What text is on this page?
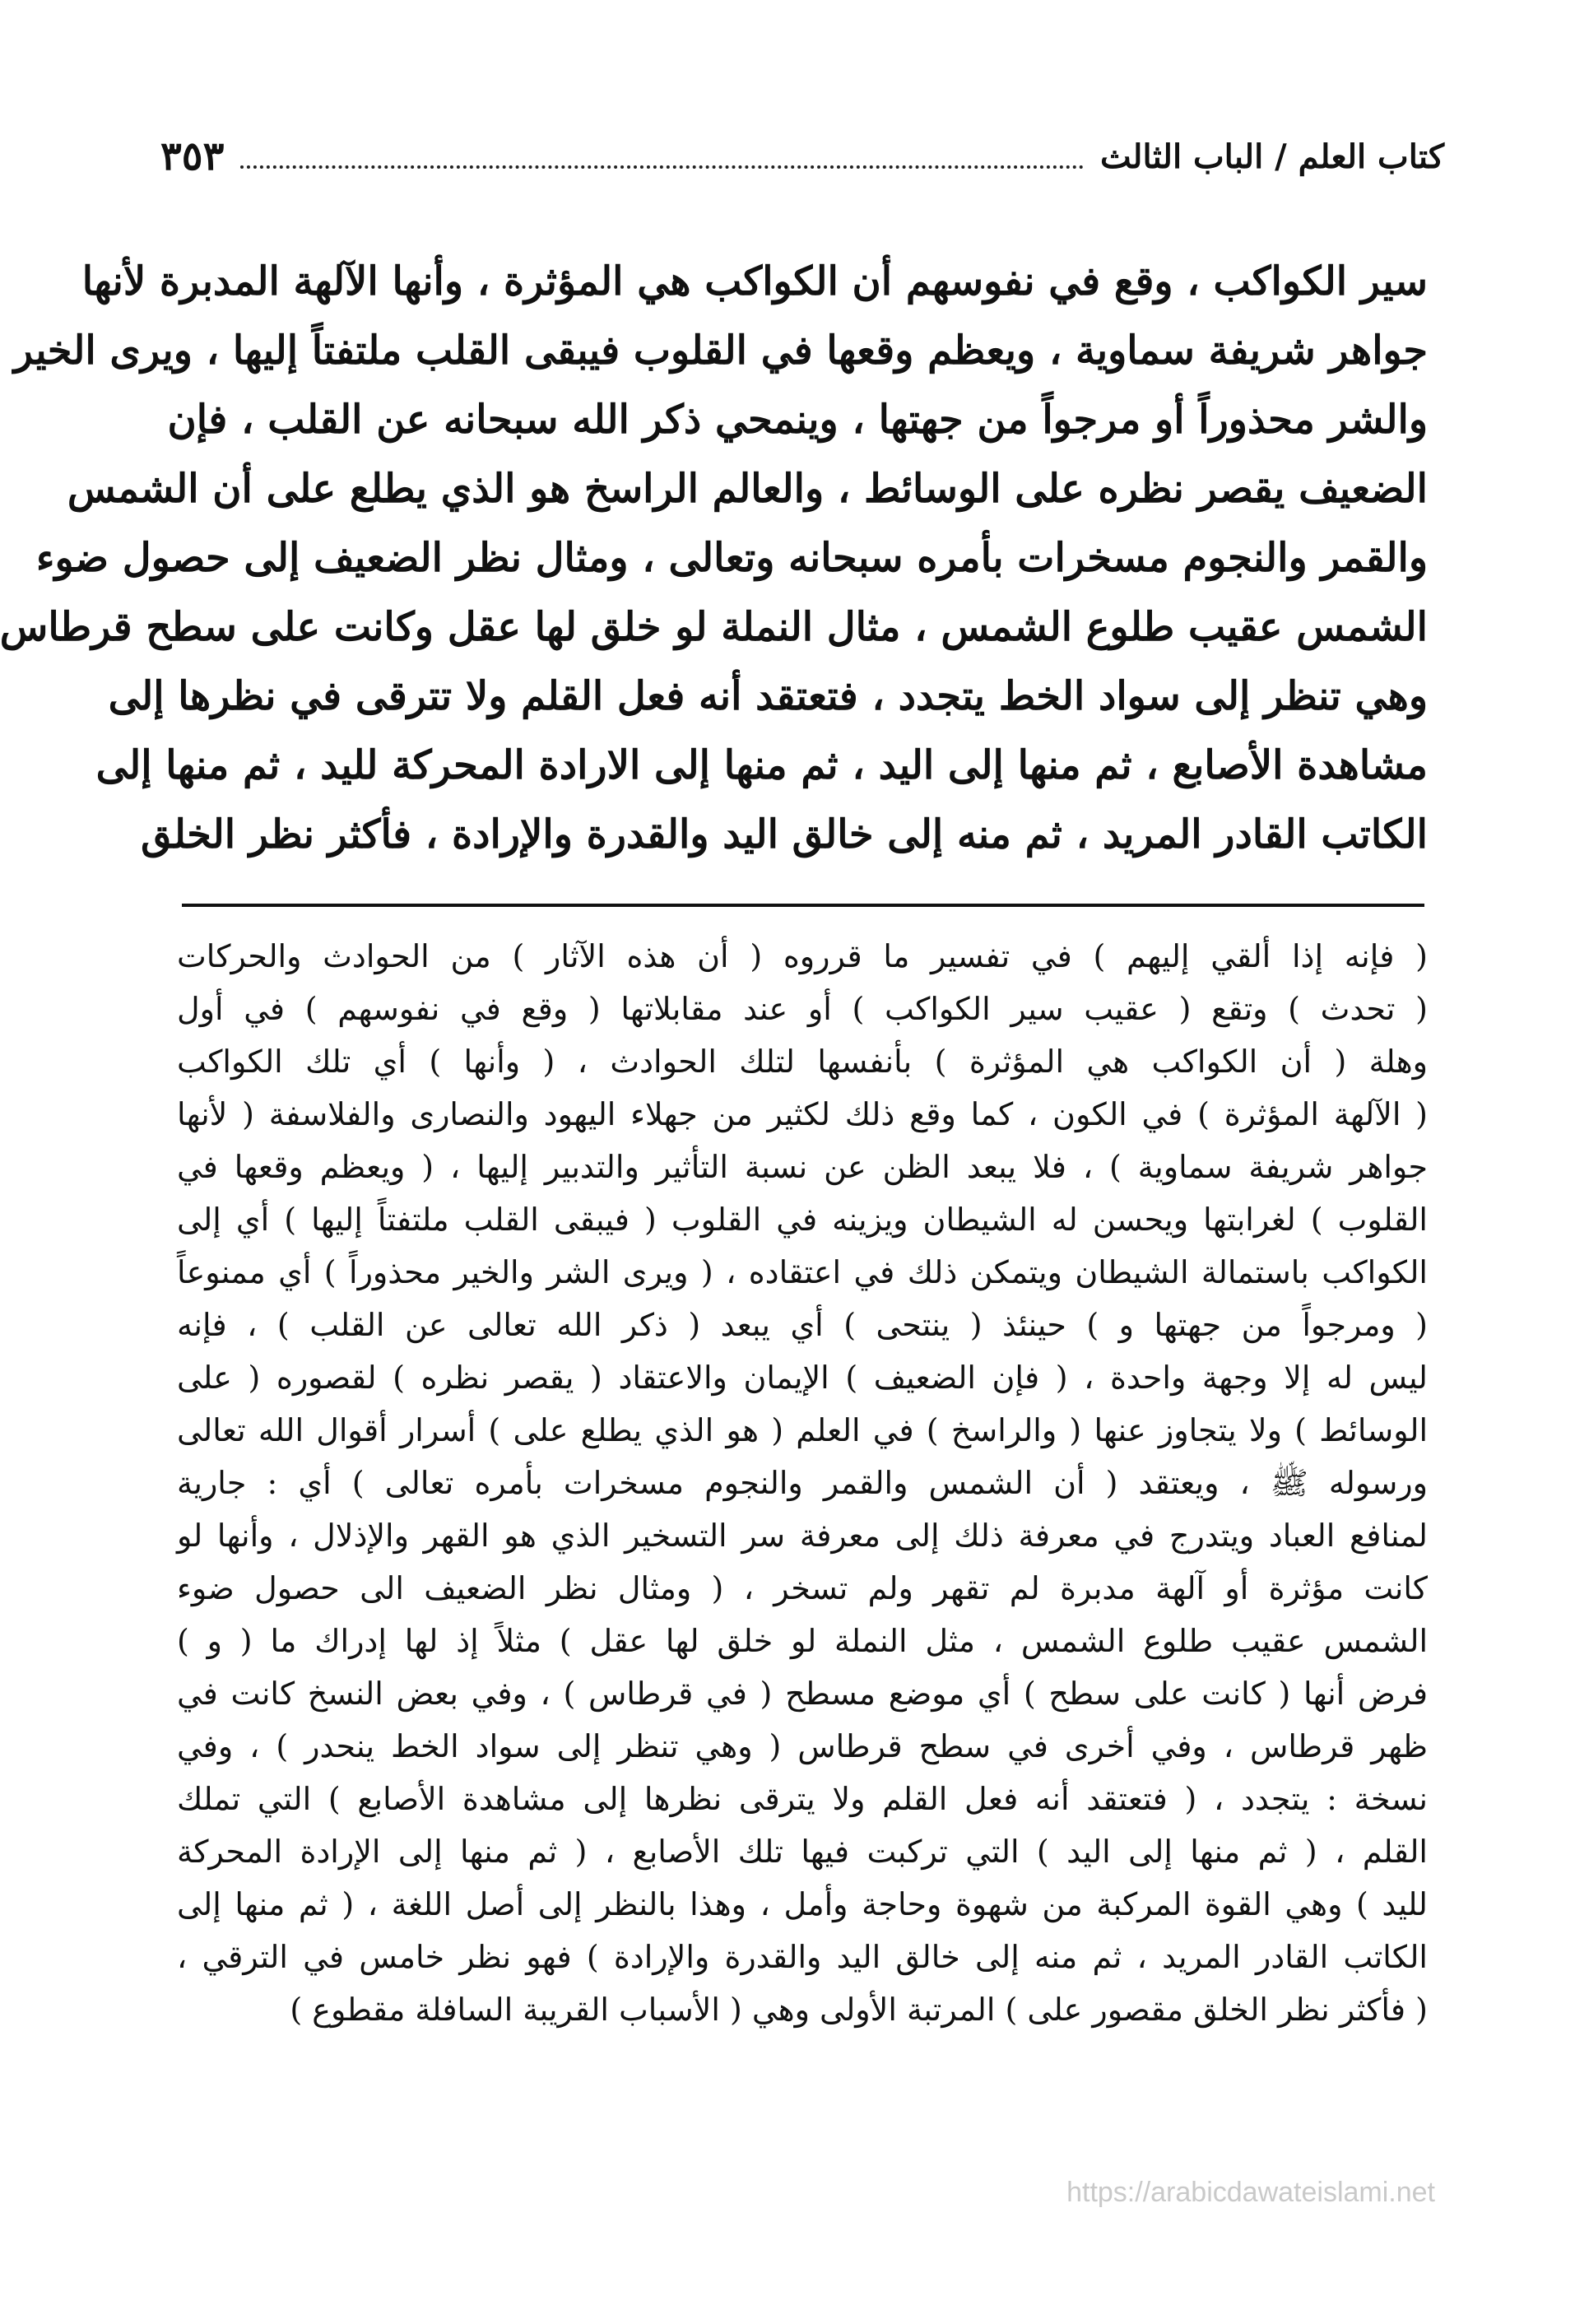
كتاب العلم / الباب الثالث
٣٥٣
سير الكواكب ، وقع في نفوسهم أن الكواكب هي المؤثرة ، وأنها الآلهة المدبرة لأنها
جواهر شريفة سماوية ، ويعظم وقعها في القلوب فيبقى القلب ملتفتاً إليها ، ويرى الخير
والشر محذوراً أو مرجواً من جهتها ، وينمحي ذكر الله سبحانه عن القلب ، فإن
الضعيف يقصر نظره على الوسائط ، والعالم الراسخ هو الذي يطلع على أن الشمس
والقمر والنجوم مسخرات بأمره سبحانه وتعالى ، ومثال نظر الضعيف إلى حصول ضوء
الشمس عقيب طلوع الشمس ، مثال النملة لو خلق لها عقل وكانت على سطح قرطاس
وهي تنظر إلى سواد الخط يتجدد ، فتعتقد أنه فعل القلم ولا تترقى في نظرها إلى
مشاهدة الأصابع ، ثم منها إلى اليد ، ثم منها إلى الارادة المحركة لليد ، ثم منها إلى
الكاتب القادر المريد ، ثم منه إلى خالق اليد والقدرة والإرادة ، فأكثر نظر الخلق
( فإنه إذا ألقي إليهم ) في تفسير ما قرروه ( أن هذه الآثار ) من الحوادث والحركات
( تحدث ) وتقع ( عقيب سير الكواكب ) أو عند مقابلاتها ( وقع في نفوسهم ) في أول
وهلة ( أن الكواكب هي المؤثرة ) بأنفسها لتلك الحوادث ، ( وأنها ) أي تلك الكواكب
( الآلهة المؤثرة ) في الكون ، كما وقع ذلك لكثير من جهلاء اليهود والنصارى والفلاسفة ( لأنها
جواهر شريفة سماوية ) ، فلا يبعد الظن عن نسبة التأثير والتدبير إليها ، ( ويعظم وقعها في
القلوب ) لغرابتها ويحسن له الشيطان ويزينه في القلوب ( فيبقى القلب ملتفتاً إليها ) أي إلى
الكواكب باستمالة الشيطان ويتمكن ذلك في اعتقاده ، ( ويرى الشر والخير محذوراً ) أي ممنوعاً
( ومرجواً من جهتها و ) حينئذ ( ينتحى ) أي يبعد ( ذكر الله تعالى عن القلب ) ، فإنه
ليس له إلا وجهة واحدة ، ( فإن الضعيف ) الإيمان والاعتقاد ( يقصر نظره ) لقصوره ( على
الوسائط ) ولا يتجاوز عنها ( والراسخ ) في العلم ( هو الذي يطلع على ) أسرار أقوال الله تعالى
ورسوله ﷺ ، ويعتقد ( أن الشمس والقمر والنجوم مسخرات بأمره تعالى ) أي : جارية
لمنافع العباد ويتدرج في معرفة ذلك إلى معرفة سر التسخير الذي هو القهر والإذلال ، وأنها لو
كانت مؤثرة أو آلهة مدبرة لم تقهر ولم تسخر ، ( ومثال نظر الضعيف الى حصول ضوء
الشمس عقيب طلوع الشمس ، مثل النملة لو خلق لها عقل ) مثلاً إذ لها إدراك ما ( و )
فرض أنها ( كانت على سطح ) أي موضع مسطح ( في قرطاس ) ، وفي بعض النسخ كانت في
ظهر قرطاس ، وفي أخرى في سطح قرطاس ( وهي تنظر إلى سواد الخط ينحدر ) ، وفي
نسخة : يتجدد ، ( فتعتقد أنه فعل القلم ولا يترقى نظرها إلى مشاهدة الأصابع ) التي تملك
القلم ، ( ثم منها إلى اليد ) التي تركبت فيها تلك الأصابع ، ( ثم منها إلى الإرادة المحركة
لليد ) وهي القوة المركبة من شهوة وحاجة وأمل ، وهذا بالنظر إلى أصل اللغة ، ( ثم منها إلى
الكاتب القادر المريد ، ثم منه إلى خالق اليد والقدرة والإرادة ) فهو نظر خامس في الترقي ،
( فأكثر نظر الخلق مقصور على ) المرتبة الأولى وهي ( الأسباب القريبة السافلة مقطوع )
https://arabicdawateislami.net
